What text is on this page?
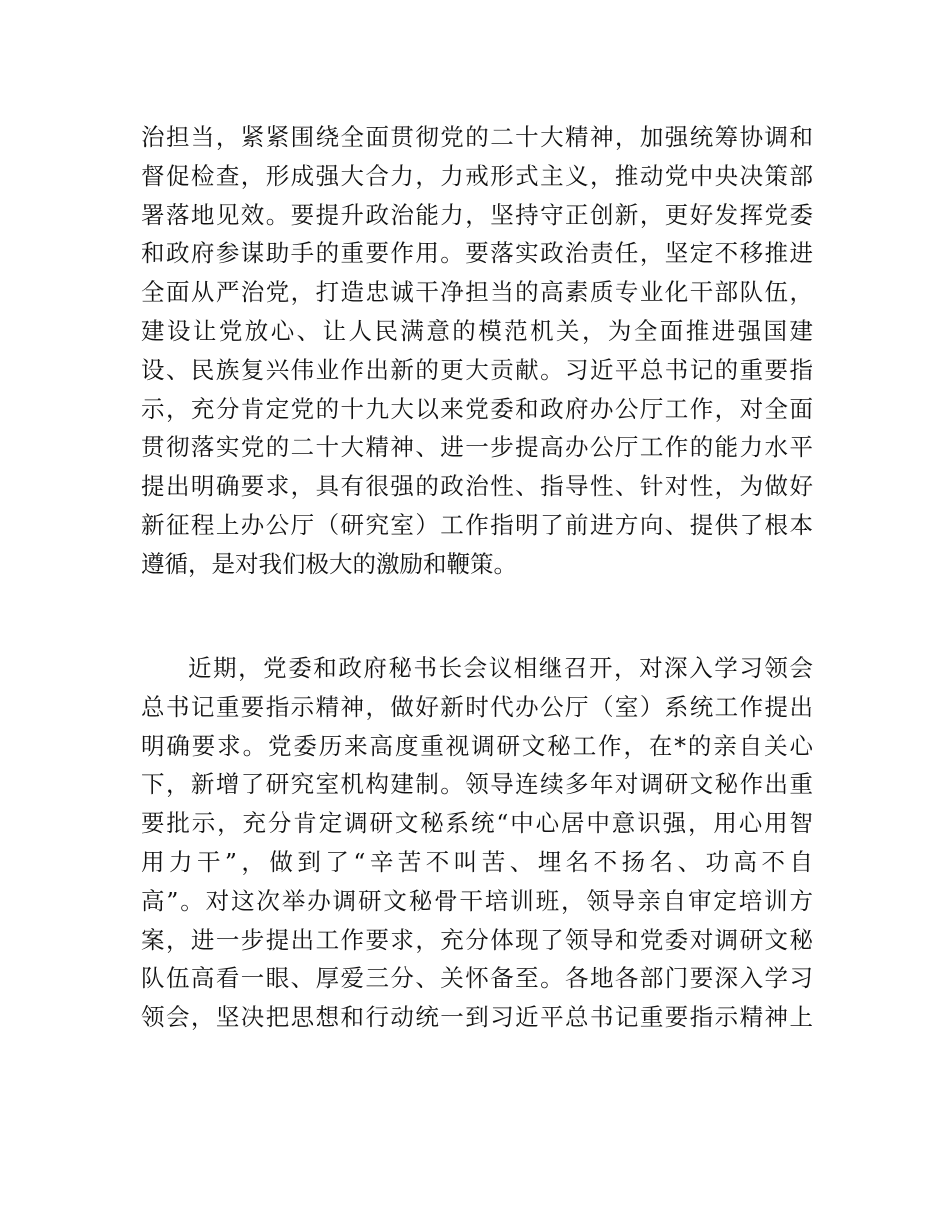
治担当，紧紧围绕全面贯彻党的二十大精神，加强统筹协调和
督促检查，形成强大合力，力戒形式主义，推动党中央决策部
署落地见效。要提升政治能力，坚持守正创新，更好发挥党委
和政府参谋助手的重要作用。要落实政治责任，坚定不移推进
全面从严治党，打造忠诚干净担当的高素质专业化干部队伍，
建设让党放心、让人民满意的模范机关，为全面推进强国建
设、民族复兴伟业作出新的更大贡献。习近平总书记的重要指
示，充分肯定党的十九大以来党委和政府办公厅工作，对全面
贯彻落实党的二十大精神、进一步提高办公厅工作的能力水平
提出明确要求，具有很强的政治性、指导性、针对性，为做好
新征程上办公厅（研究室）工作指明了前进方向、提供了根本
遵循，是对我们极大的激励和鞭策。
近期，党委和政府秘书长会议相继召开，对深入学习领会
总书记重要指示精神，做好新时代办公厅（室）系统工作提出
明确要求。党委历来高度重视调研文秘工作，在*的亲自关心
下，新增了研究室机构建制。领导连续多年对调研文秘作出重
要批示，充分肯定调研文秘系统“中心居中意识强，用心用智
用力干”，做到了“辛苦不叫苦、埋名不扬名、功高不自
高”。对这次举办调研文秘骨干培训班，领导亲自审定培训方
案，进一步提出工作要求，充分体现了领导和党委对调研文秘
队伍高看一眼、厚爱三分、关怀备至。各地各部门要深入学习
领会，坚决把思想和行动统一到习近平总书记重要指示精神上
